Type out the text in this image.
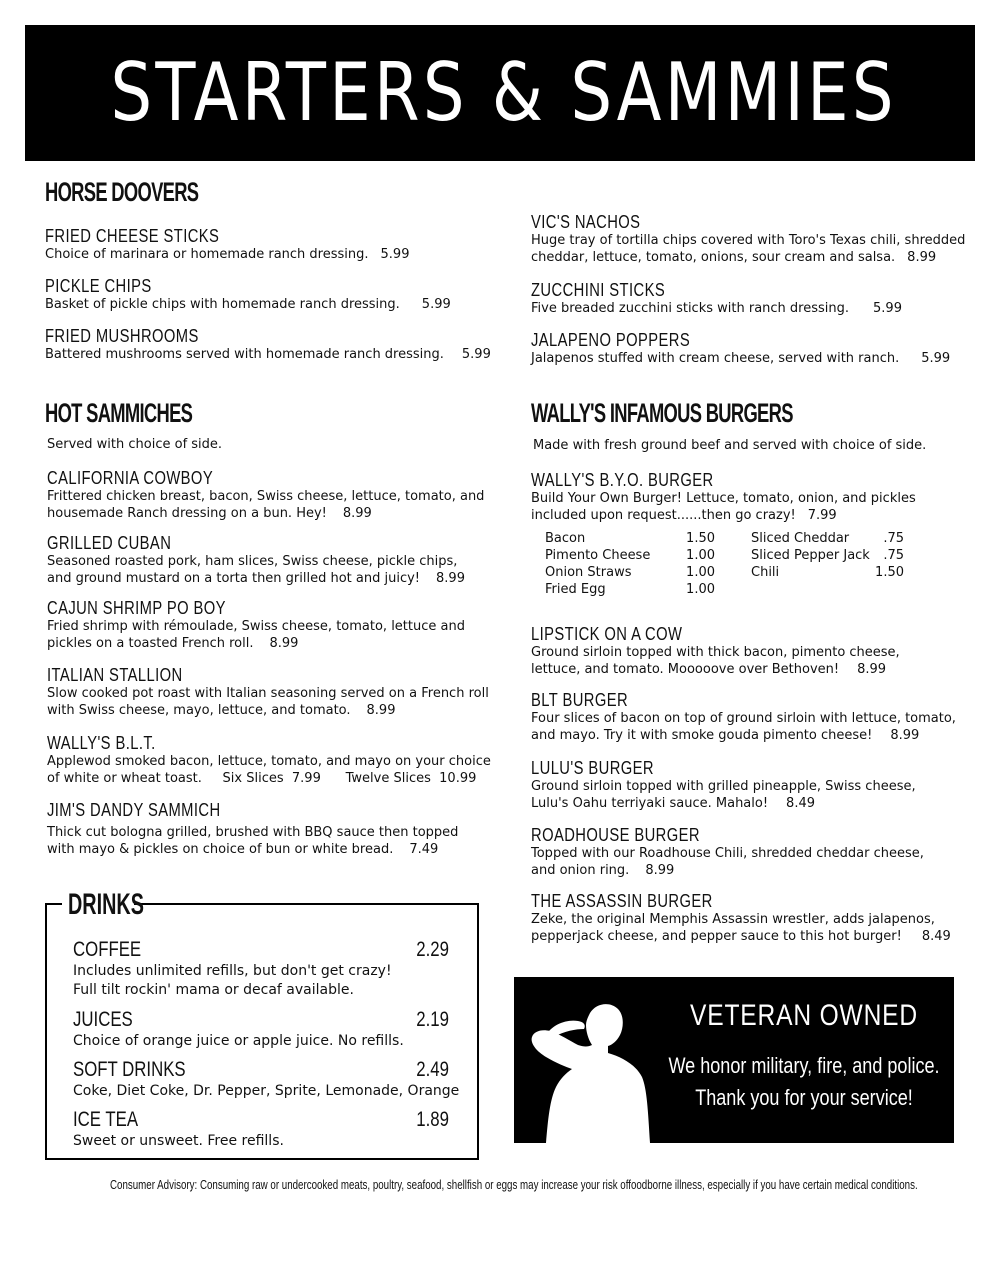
STARTERS & SAMMIES
HORSE DOOVERS
FRIED CHEESE STICKS
Choice of marinara or homemade ranch dressing. 5.99
PICKLE CHIPS
Basket of pickle chips with homemade ranch dressing. 5.99
FRIED MUSHROOMS
Battered mushrooms served with homemade ranch dressing. 5.99
VIC'S NACHOS
Huge tray of tortilla chips covered with Toro's Texas chili, shredded
cheddar, lettuce, tomato, onions, sour cream and salsa. 8.99
ZUCCHINI STICKS
Five breaded zucchini sticks with ranch dressing. 5.99
JALAPENO POPPERS
Jalapenos stuffed with cream cheese, served with ranch. 5.99
HOT SAMMICHES
Served with choice of side.
CALIFORNIA COWBOY
Frittered chicken breast, bacon, Swiss cheese, lettuce, tomato, and
housemade Ranch dressing on a bun. Hey! 8.99
GRILLED CUBAN
Seasoned roasted pork, ham slices, Swiss cheese, pickle chips,
and ground mustard on a torta then grilled hot and juicy! 8.99
CAJUN SHRIMP PO BOY
Fried shrimp with rémoulade, Swiss cheese, tomato, lettuce and
pickles on a toasted French roll. 8.99
ITALIAN STALLION
Slow cooked pot roast with Italian seasoning served on a French roll
with Swiss cheese, mayo, lettuce, and tomato. 8.99
WALLY'S B.L.T.
Applewod smoked bacon, lettuce, tomato, and mayo on your choice
of white or wheat toast.     Six Slices  7.99      Twelve Slices  10.99
JIM'S DANDY SAMMICH
Thick cut bologna grilled, brushed with BBQ sauce then topped
with mayo & pickles on choice of bun or white bread. 7.49
WALLY'S INFAMOUS BURGERS
Made with fresh ground beef and served with choice of side.
WALLY'S B.Y.O. BURGER
Build Your Own Burger! Lettuce, tomato, onion, and pickles
included upon request......then go crazy! 7.99
Bacon	1.50
Pimento Cheese	1.00
Onion Straws	1.00
Fried Egg	1.00
Sliced Cheddar	.75
Sliced Pepper Jack .75
Chili	1.50
LIPSTICK ON A COW
Ground sirloin topped with thick bacon, pimento cheese,
lettuce, and tomato. Mooooove over Bethoven! 8.99
BLT BURGER
Four slices of bacon on top of ground sirloin with lettuce, tomato,
and mayo. Try it with smoke gouda pimento cheese! 8.99
LULU'S BURGER
Ground sirloin topped with grilled pineapple, Swiss cheese,
Lulu's Oahu terriyaki sauce. Mahalo! 8.49
ROADHOUSE BURGER
Topped with our Roadhouse Chili, shredded cheddar cheese,
and onion ring. 8.99
THE ASSASSIN BURGER
Zeke, the original Memphis Assassin wrestler, adds jalapenos,
pepperjack cheese, and pepper sauce to this hot burger! 8.49
DRINKS
COFFEE	2.29
Includes unlimited refills, but don't get crazy!
Full tilt rockin' mama or decaf available.
JUICES	2.19
Choice of orange juice or apple juice. No refills.
SOFT DRINKS	2.49
Coke, Diet Coke, Dr. Pepper, Sprite, Lemonade, Orange
ICE TEA	1.89
Sweet or unsweet. Free refills.
VETERAN OWNED
We honor military, fire, and police.
Thank you for your service!
Consumer Advisory: Consuming raw or undercooked meats, poultry, seafood, shellfish or eggs may increase your risk offoodborne illness, especially if you have certain medical conditions.
